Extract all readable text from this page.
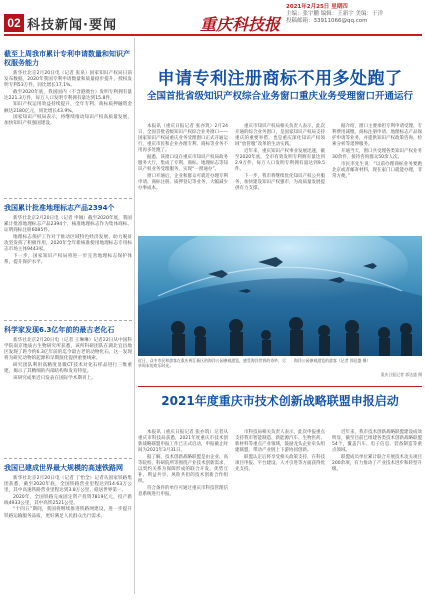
02 科技新闻·要闻	重庆科技报
2021年2月25日 星期四
主编：张宇鹏 编辑：王新宇 美编：于洋
投稿邮箱：33911066@qq.com
截至上周我市累计专利申请数量和知识产权服务能力

新华社北京2月20日电（记者 张泉）国家知识产权局日前发布数据，2020年我国专利申请数量和质量稳步提升，授权发明专利53万件，同比增长17.1%。

截至2020年底，我国国内（不含港澳台）发明专利拥有量达221.3万件，每万人口发明专利拥有量达到15.8件。

知识产权运用效益持续提升，全年专利、商标质押融资金额达2180亿元，同比增长43.9%。

国家知识产权局表示，将继续推动知识产权高质量发展，加快知识产权强国建设。

我国累计批准地理标志产品2394个

新华社北京2月20日电（记者 申铖）截至2020年底，我国累计批准地理标志产品2394个，核准地理标志作为集体商标、证明商标注册6085件。

地理标志保护工作对于推动区域特色经济发展、助力脱贫攻坚发挥了积极作用，2020年全年新核准使用地理标志专用标志市场主体9443家。

下一步，国家知识产权局将进一步完善地理标志保护体系，提升保护水平。

科学家发现6.3亿年前的最古老化石

新华社北京2月20日电（记者 王琳琳）记者22日从中国科学院南京地质古生物研究所获悉，该所科研团队在湖北宜昌地区发现了距今约6.3亿年前的迄今最古老的动物化石，这一发现将为研究动物的起源和早期演化提供重要线索。

研究团队利用高精度显微CT技术对化石样品进行三维重建，揭示了其精细的内部结构和发育特征。

该研究成果近日发表在国际学术期刊上。

我国已建成世界最大规模的高速铁路网

新华社北京2月20日电（记者 丁怡全）记者从国家铁路集团获悉，截至2020年底，全国铁路营业里程达到14.63万公里，其中高速铁路营业里程达到3.8万公里，稳居世界第一。

2020年，全国铁路完成固定资产投资7819亿元，投产新线4933公里，其中高铁2521公里。

“十四五”期间，我国将继续推进铁路网建设，进一步提升铁路运输服务品质，更好满足人民群众出行需求。

申请专利注册商标不用多处跑了
全国首批省级知识产权综合业务窗口重庆业务受理窗口开通运行

本报讯（重庆日报记者 张亦筑）2月24日，全国首批省级知识产权综合业务窗口——国家知识产权局重庆业务受理窗口正式开通运行，重庆市民和企业办理专利、商标等业务不用再多处跑了。

据悉，该窗口设在重庆市知识产权局政务服务大厅，集成了专利、商标、地理标志等知识产权业务受理服务，实现“一窗通办”。

窗口开通后，企业和群众可就近办理专利申请、商标注册、质押登记等业务，大幅减少办事成本。

重庆市知识产权局相关负责人表示，此次开通的综合业务窗口，是国家知识产权局支持重庆的重要举措，也是重庆深化知识产权领域“放管服”改革的生动实践。

近年来，重庆知识产权事业发展迅速，截至2020年底，全市有效发明专利拥有量达到2.9万件，每万人口发明专利拥有量达到9.5件。

下一步，我市将继续优化知识产权公共服务，加快建设知识产权强市，为高质量发展提供有力支撑。

据介绍，窗口主要承担专利申请受理、专利费用减缴、商标注册申请、地理标志产品保护申请等业务，并提供知识产权政策咨询、检索分析等延伸服务。

开通当天，窗口共受理各类知识产权业务30余件，接待咨询群众50余人次。

市民李先生说：“以前办理商标业务要跑北京或者邮寄材料，现在家门口就能办理，非常方便。”

近日，众多市民和游客在重庆两江新区的海洋公园参观游览，感受海洋世界的奇妙，尽享周末的欢乐时光。
海洋公园参观游览的游客（记者 郭达盛 摄）
重庆日报记者 郭达盛 摄
2021年度重庆市技术创新战略联盟申报启动

本报讯（重庆日报记者 张亦筑）记者从重庆市科技局获悉，2021年度重庆市技术创新战略联盟申报工作已正式启动，申报截止时间为2021年3月31日。

据了解，技术创新战略联盟是由企业、高等院校、科研院所等围绕产业技术创新需求，以契约关系为保障形成的联合开发、优势互补、利益共享、风险共担的技术创新合作组织。

符合条件的单位可通过重庆市科技管理信息系统进行申报。

市科技局相关负责人表示，此次申报重点支持我市智能制造、新能源汽车、生物医药、新材料等重点产业领域，鼓励龙头企业牵头组建联盟，带动产业链上下游协同创新。

联盟认定后将享受相关政策支持，在科技项目申报、平台建设、人才引进等方面获得优先支持。

近年来，我市技术创新战略联盟建设成效明显，截至目前已组建各类技术创新战略联盟54个，覆盖汽车、电子信息、装备制造等重点领域。

联盟成员单位累计联合开展技术攻关项目200余项，有力推动了产业技术进步和转型升级。
